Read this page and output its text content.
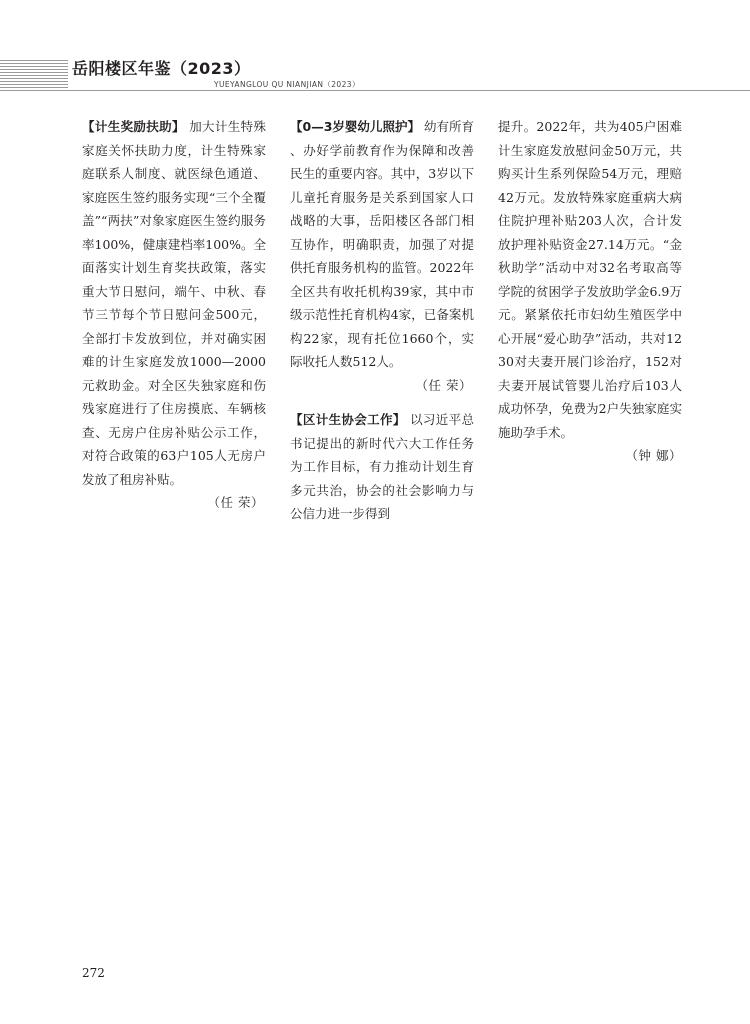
岳阳楼区年鉴（2023）
YUEYANGLOU QU NIANJIAN（2023）

【计生奖励扶助】 加大计生特殊家庭关怀扶助力度，计生特殊家庭联系人制度、就医绿色通道、家庭医生签约服务实现“三个全覆盖”“两扶”对象家庭医生签约服务率100%，健康建档率100%。全面落实计划生育奖扶政策，落实重大节日慰问，端午、中秋、春节三节每个节日慰问金500元，全部打卡发放到位，并对确实困难的计生家庭发放1000—2000元救助金。对全区失独家庭和伤残家庭进行了住房摸底、车辆核查、无房户住房补贴公示工作，对符合政策的63户105人无房户发放了租房补贴。

（任 荣）

【0—3岁婴幼儿照护】 幼有所育、办好学前教育作为保障和改善民生的重要内容。其中，3岁以下儿童托育服务是关系到国家人口战略的大事，岳阳楼区各部门相互协作，明确职责，加强了对提供托育服务机构的监管。2022年全区共有收托机构39家，其中市级示范性托育机构4家，已备案机构22家，现有托位1660个，实际收托人数512人。

（任 荣）

【区计生协会工作】 以习近平总书记提出的新时代六大工作任务为工作目标，有力推动计划生育多元共治，协会的社会影响力与公信力进一步得到

提升。2022年，共为405户困难计生家庭发放慰问金50万元，共购买计生系列保险54万元，理赔42万元。发放特殊家庭重病大病住院护理补贴203人次，合计发放护理补贴资金27.14万元。“金秋助学”活动中对32名考取高等学院的贫困学子发放助学金6.9万元。紧紧依托市妇幼生殖医学中心开展“爱心助孕”活动，共对1230对夫妻开展门诊治疗，152对夫妻开展试管婴儿治疗后103人成功怀孕，免费为2户失独家庭实施助孕手术。

（钟 娜）

272
